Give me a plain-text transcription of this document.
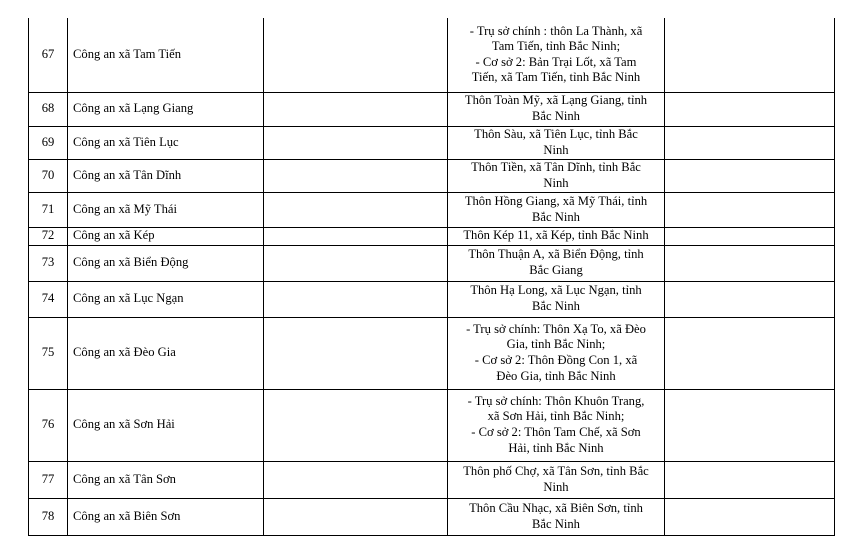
67	Công an xã Tam Tiến		- Trụ sở chính : thôn La Thành, xã
Tam Tiến, tỉnh Bắc Ninh;
- Cơ sở 2: Bản Trại Lốt, xã Tam
Tiến, xã Tam Tiến, tỉnh Bắc Ninh	

68	Công an xã Lạng Giang		Thôn Toàn Mỹ, xã Lạng Giang, tỉnh
Bắc Ninh	

69	Công an xã Tiên Lục		Thôn Sàu, xã Tiên Lục, tỉnh Bắc
Ninh	

70	Công an xã Tân Dĩnh		Thôn Tiền, xã Tân Dĩnh, tỉnh Bắc
Ninh	

71	Công an xã Mỹ Thái		Thôn Hồng Giang, xã Mỹ Thái, tỉnh
Bắc Ninh	

72	Công an xã Kép		Thôn Kép 11, xã Kép, tỉnh Bắc Ninh	

73	Công an xã Biển Động		Thôn Thuận A, xã Biển Động, tỉnh
Bắc Giang	

74	Công an xã Lục Ngạn		Thôn Hạ Long, xã Lục Ngạn, tỉnh
Bắc Ninh	

75	Công an xã Đèo Gia		- Trụ sở chính: Thôn Xạ To, xã Đèo
Gia, tỉnh Bắc Ninh;
- Cơ sở 2: Thôn Đồng Con 1, xã
Đèo Gia, tỉnh Bắc Ninh	

76	Công an xã Sơn Hải		- Trụ sở chính: Thôn Khuôn Trang,
xã Sơn Hải, tỉnh Bắc Ninh;
- Cơ sở 2: Thôn Tam Chế, xã Sơn
Hải, tỉnh Bắc Ninh	

77	Công an xã Tân Sơn		Thôn phố Chợ, xã Tân Sơn, tỉnh Bắc
Ninh	

78	Công an xã Biên Sơn		Thôn Cầu Nhạc, xã Biên Sơn, tỉnh
Bắc Ninh	
